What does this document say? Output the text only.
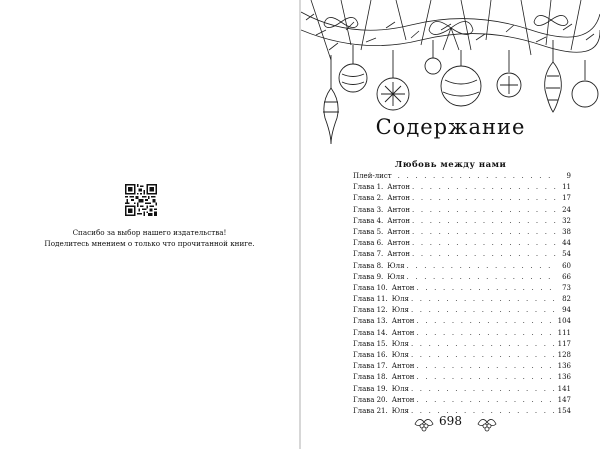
Спасибо за выбор нашего издательства!
Поделитесь мнением о только что прочитанной книге.
Содержание
Любовь между нами
Плей-лист . . .	9
Глава 1. Антон . . .	11
Глава 2. Антон . . .	17
Глава 3. Антон . . .	24
Глава 4. Антон . . .	32
Глава 5. Антон . . .	38
Глава 6. Антон . . .	44
Глава 7. Антон . . .	54
Глава 8. Юля . . .	60
Глава 9. Юля . . .	66
Глава 10. Антон . . .	73
Глава 11. Юля . . .	82
Глава 12. Юля . . .	94
Глава 13. Антон . . .	104
Глава 14. Антон . . .	111
Глава 15. Юля . . .	117
Глава 16. Юля . . .	128
Глава 17. Антон . . .	136
Глава 18. Антон . . .	136
Глава 19. Юля . . .	141
Глава 20. Антон . . .	147
Глава 21. Юля . . .	154
698
